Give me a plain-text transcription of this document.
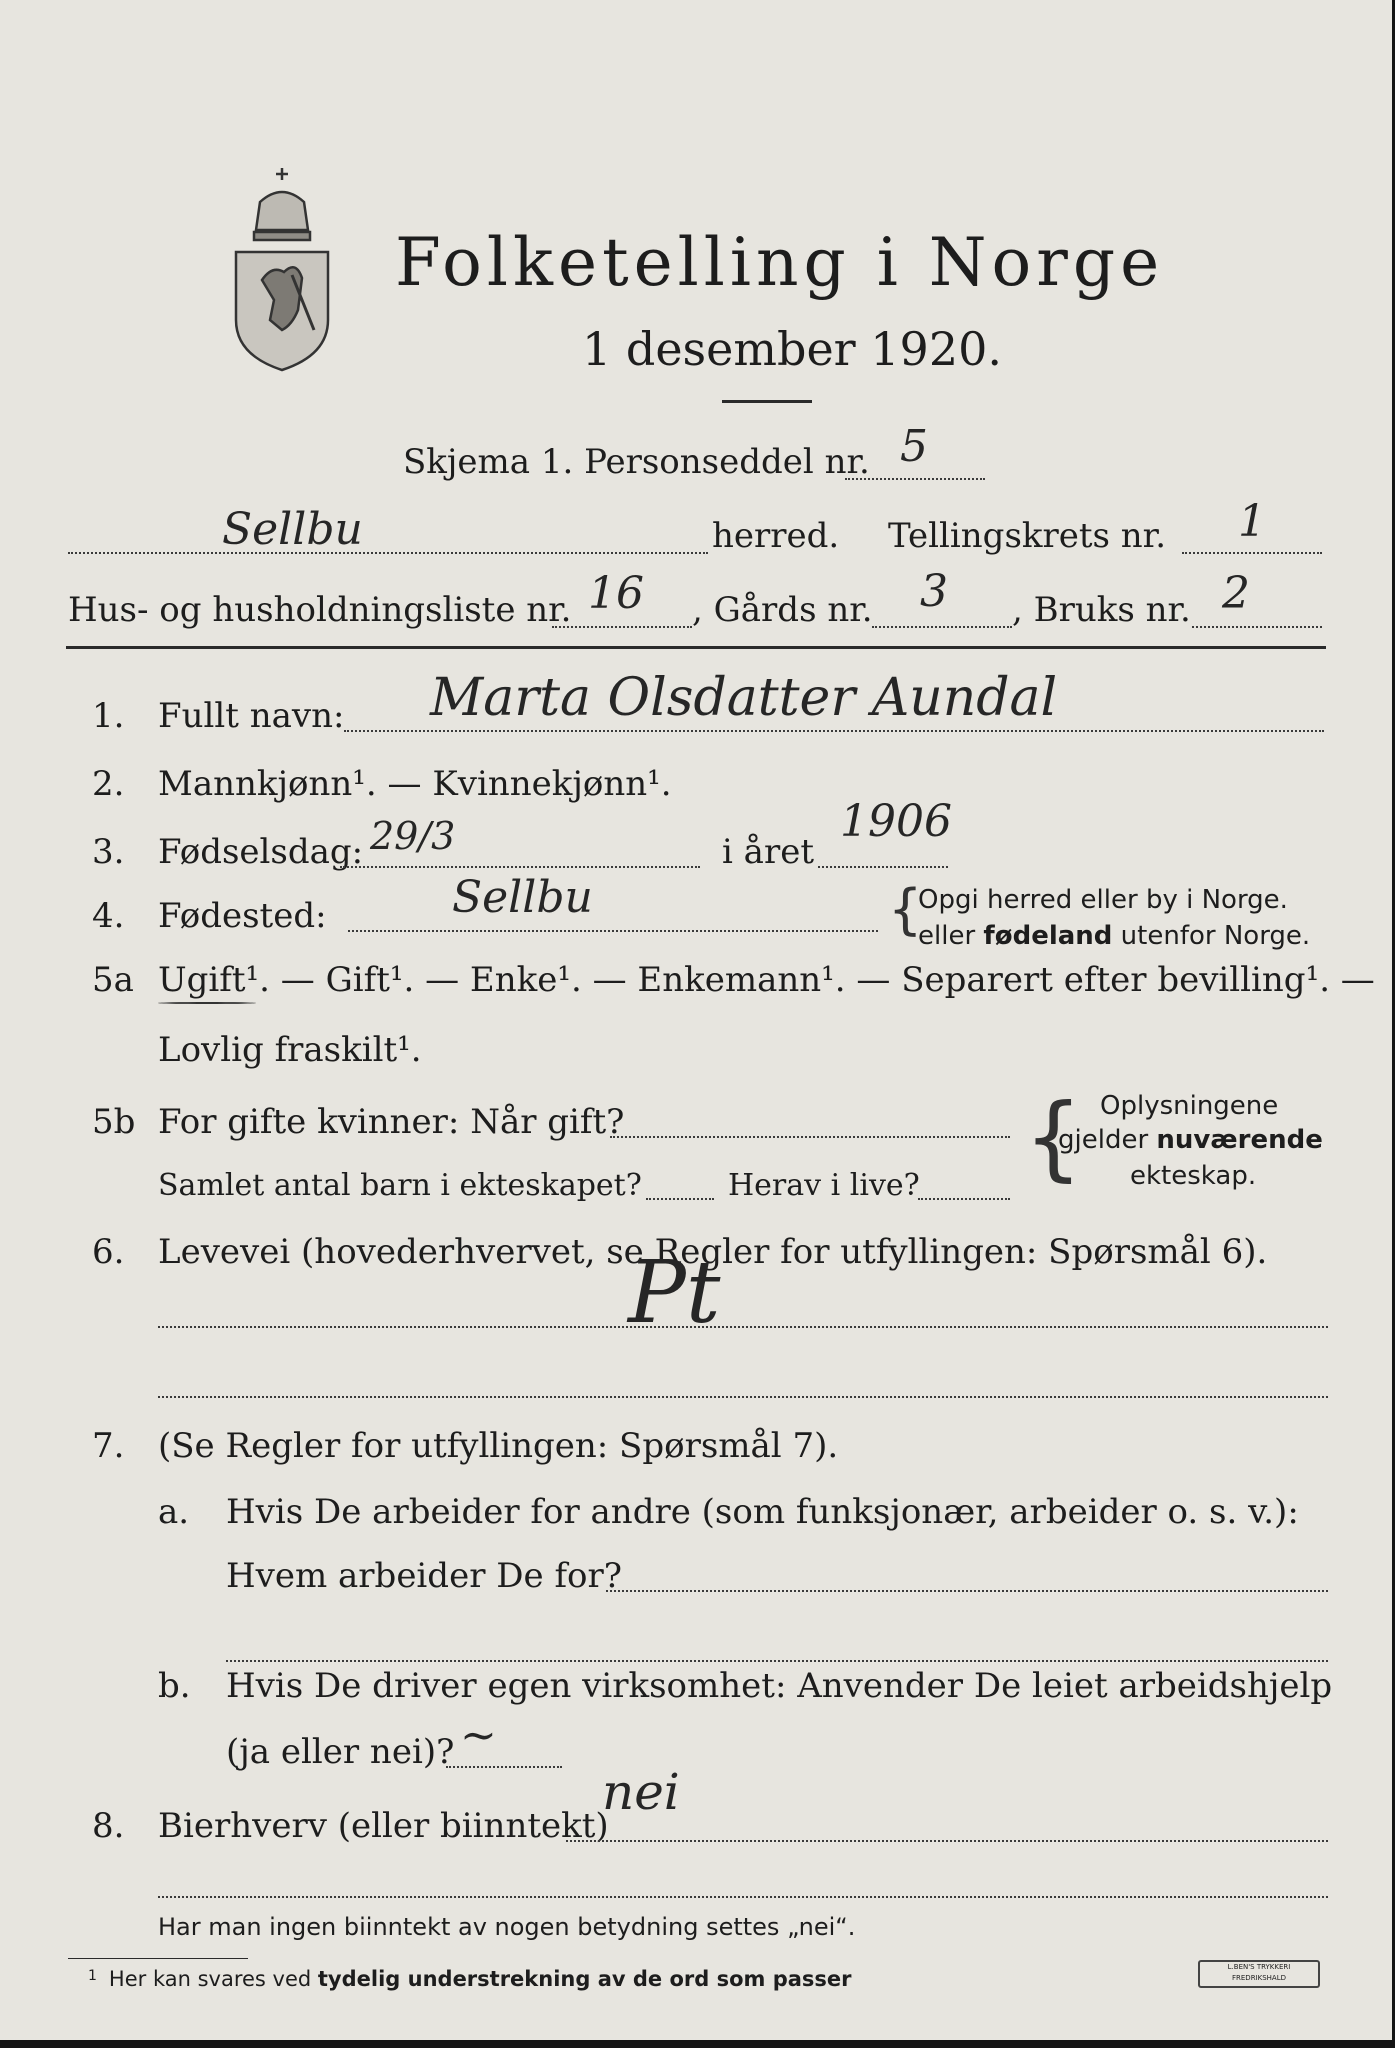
Folketelling i Norge
1 desember 1920.
Skjema 1. Personseddel nr. 5
Sellbu	herred. Tellingskrets nr. 1
Hus- og husholdningsliste nr. 16 , Gårds nr. 3 , Bruks nr. 2
1. Fullt navn: Marta Olsdatter Aundal
2. Mannkjønn¹. — Kvinnekjønn¹.
3. Fødselsdag: 29/3	i året
1906
4. Fødested:	Sellbu	{
Opgi herred eller by i Norge.
eller fødeland utenfor Norge.
5a Ugift¹. — Gift¹. — Enke¹. — Enkemann¹. — Separert efter bevilling¹. —
Lovlig fraskilt¹.
5b For gifte kvinner: Når gift?
Samlet antal barn i ekteskapet?	Herav i live? { Oplysningene
gjelder nuværende
ekteskap.
6. Levevei (hovederhvervet, se Regler for utfyllingen: Spørsmål 6).
Pt
7. (Se Regler for utfyllingen: Spørsmål 7).
a. Hvis De arbeider for andre (som funksjonær, arbeider o. s. v.):
Hvem arbeider De for?
b. Hvis De driver egen virksomhet: Anvender De leiet arbeidshjelp
(ja eller nei)? ~
8. Bierhverv (eller biinntekt)
nei
Har man ingen biinntekt av nogen betydning settes „nei“.
$^1$ Her kan svares ved tydelig understrekning av de ord som passer	L.BEN'S TRYKKERI FREDRIKSHALD
